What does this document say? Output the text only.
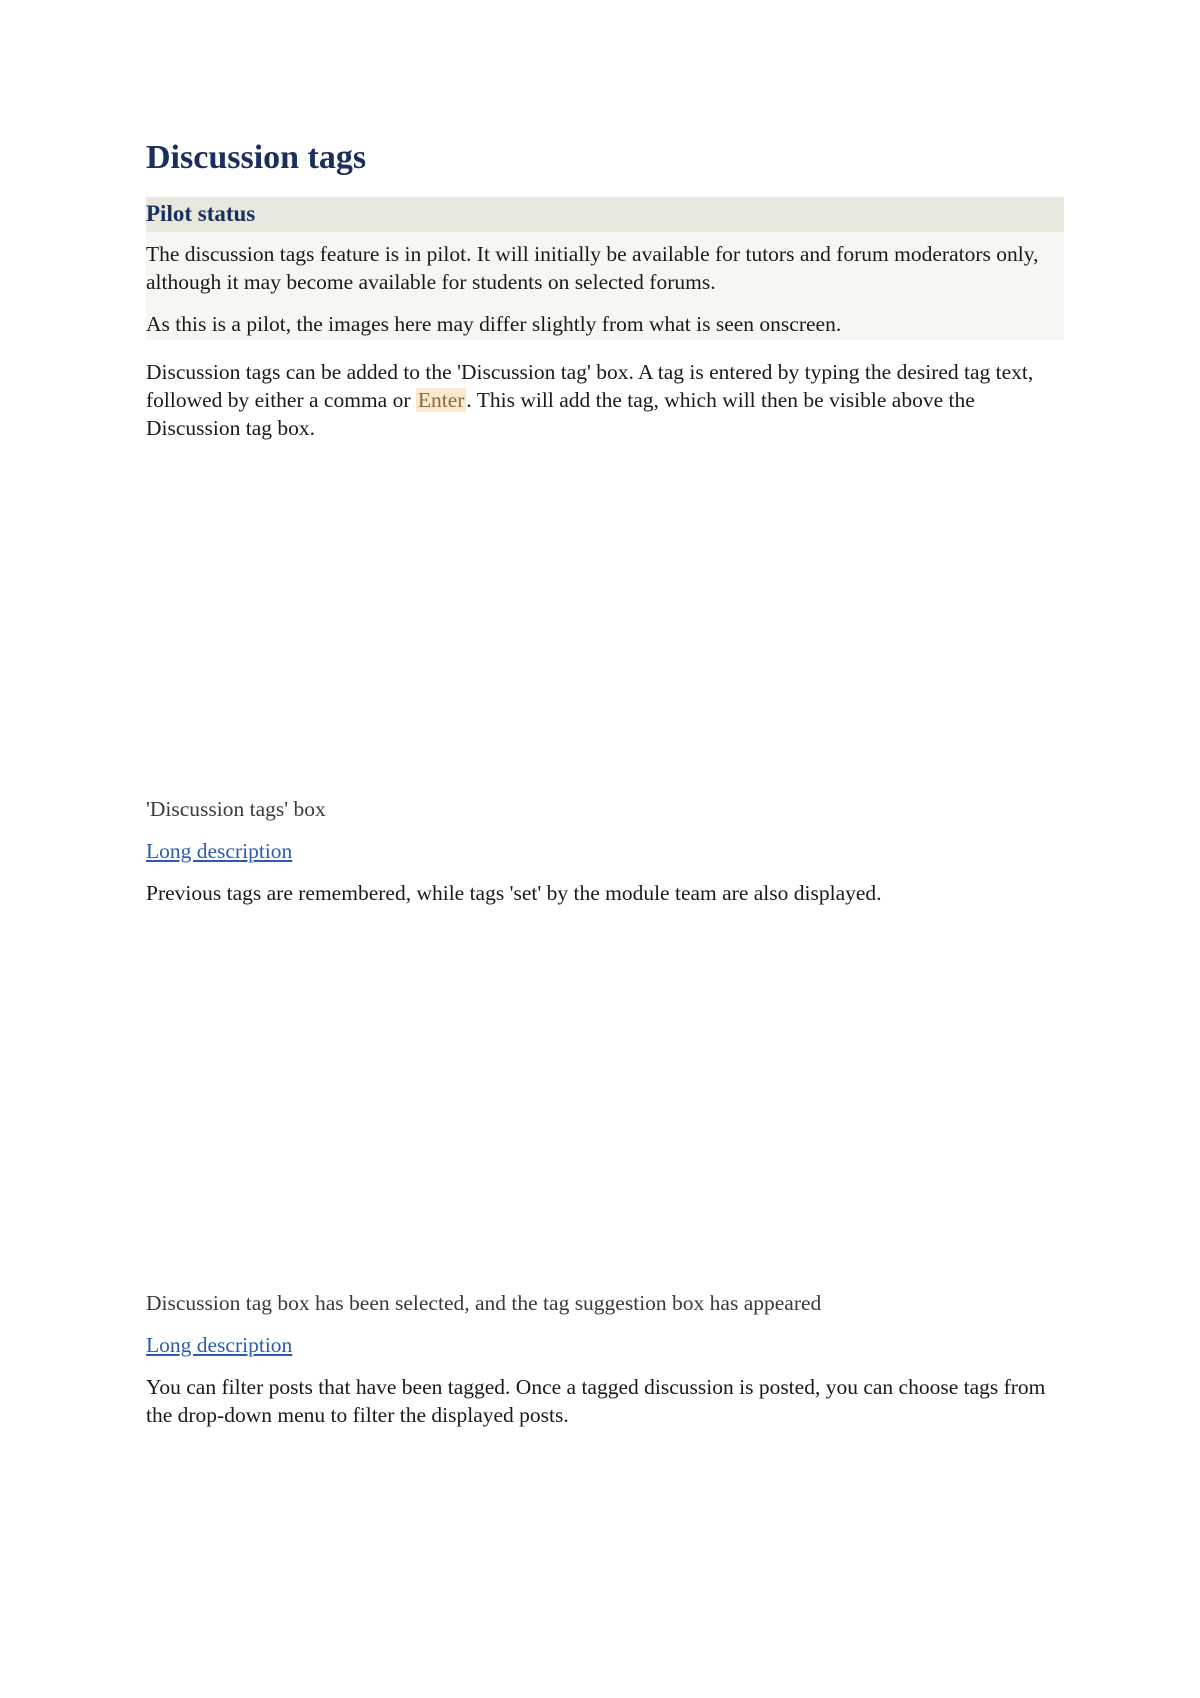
Discussion tags
Pilot status

The discussion tags feature is in pilot. It will initially be available for tutors and forum moderators only, although it may become available for students on selected forums.

As this is a pilot, the images here may differ slightly from what is seen onscreen.

Discussion tags can be added to the 'Discussion tag' box. A tag is entered by typing the desired tag text, followed by either a comma or Enter. This will add the tag, which will then be visible above the Discussion tag box.

'Discussion tags' box

Long description

Previous tags are remembered, while tags 'set' by the module team are also displayed.

Discussion tag box has been selected, and the tag suggestion box has appeared

Long description

You can filter posts that have been tagged. Once a tagged discussion is posted, you can choose tags from the drop-down menu to filter the displayed posts.
